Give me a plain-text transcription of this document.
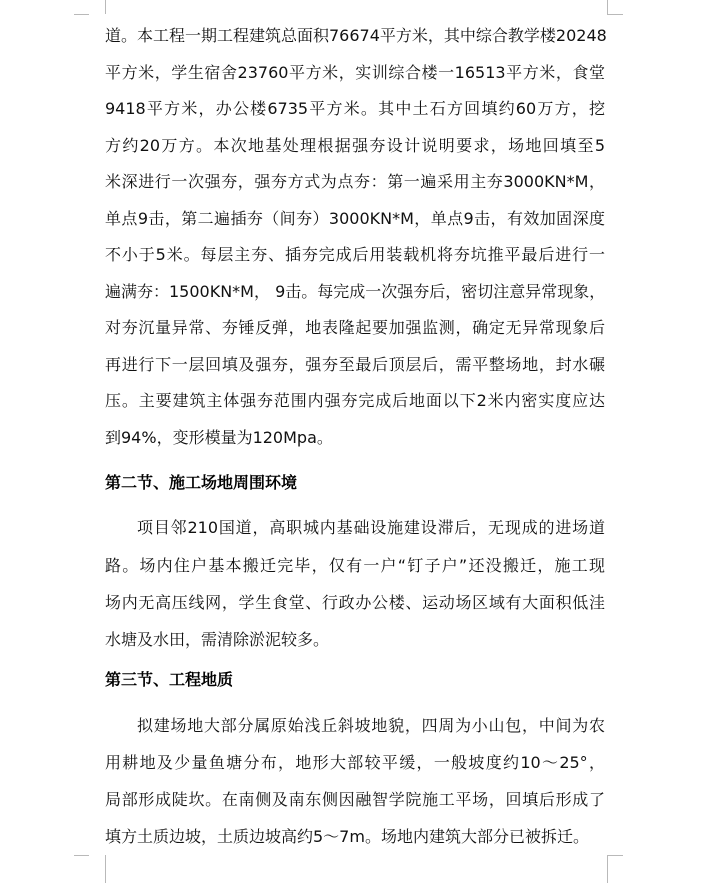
道。本工程一期工程建筑总面积76674平方米，其中综合教学楼20248
平方米，学生宿舍23760平方米，实训综合楼一16513平方米，食堂
9418平方米，办公楼6735平方米。其中土石方回填约60万方，挖
方约20万方。本次地基处理根据强夯设计说明要求，场地回填至5
米深进行一次强夯，强夯方式为点夯：第一遍采用主夯3000KN*M，
单点9击，第二遍插夯（间夯）3000KN*M，单点9击，有效加固深度
不小于5米。每层主夯、插夯完成后用装载机将夯坑推平最后进行一
遍满夯：1500KN*M， 9击。每完成一次强夯后，密切注意异常现象，
对夯沉量异常、夯锤反弹，地表隆起要加强监测，确定无异常现象后
再进行下一层回填及强夯，强夯至最后顶层后，需平整场地，封水碾
压。主要建筑主体强夯范围内强夯完成后地面以下2米内密实度应达
到94%，变形模量为120Mpa。
第二节、施工场地周围环境
项目邻210国道，高职城内基础设施建设滞后，无现成的进场道
路。场内住户基本搬迁完毕，仅有一户“钉子户”还没搬迁，施工现
场内无高压线网，学生食堂、行政办公楼、运动场区域有大面积低洼
水塘及水田，需清除淤泥较多。
第三节、工程地质
拟建场地大部分属原始浅丘斜坡地貌，四周为小山包，中间为农
用耕地及少量鱼塘分布，地形大部较平缓，一般坡度约10～25°，
局部形成陡坎。在南侧及南东侧因融智学院施工平场，回填后形成了
填方土质边坡，土质边坡高约5～7m。场地内建筑大部分已被拆迁。
